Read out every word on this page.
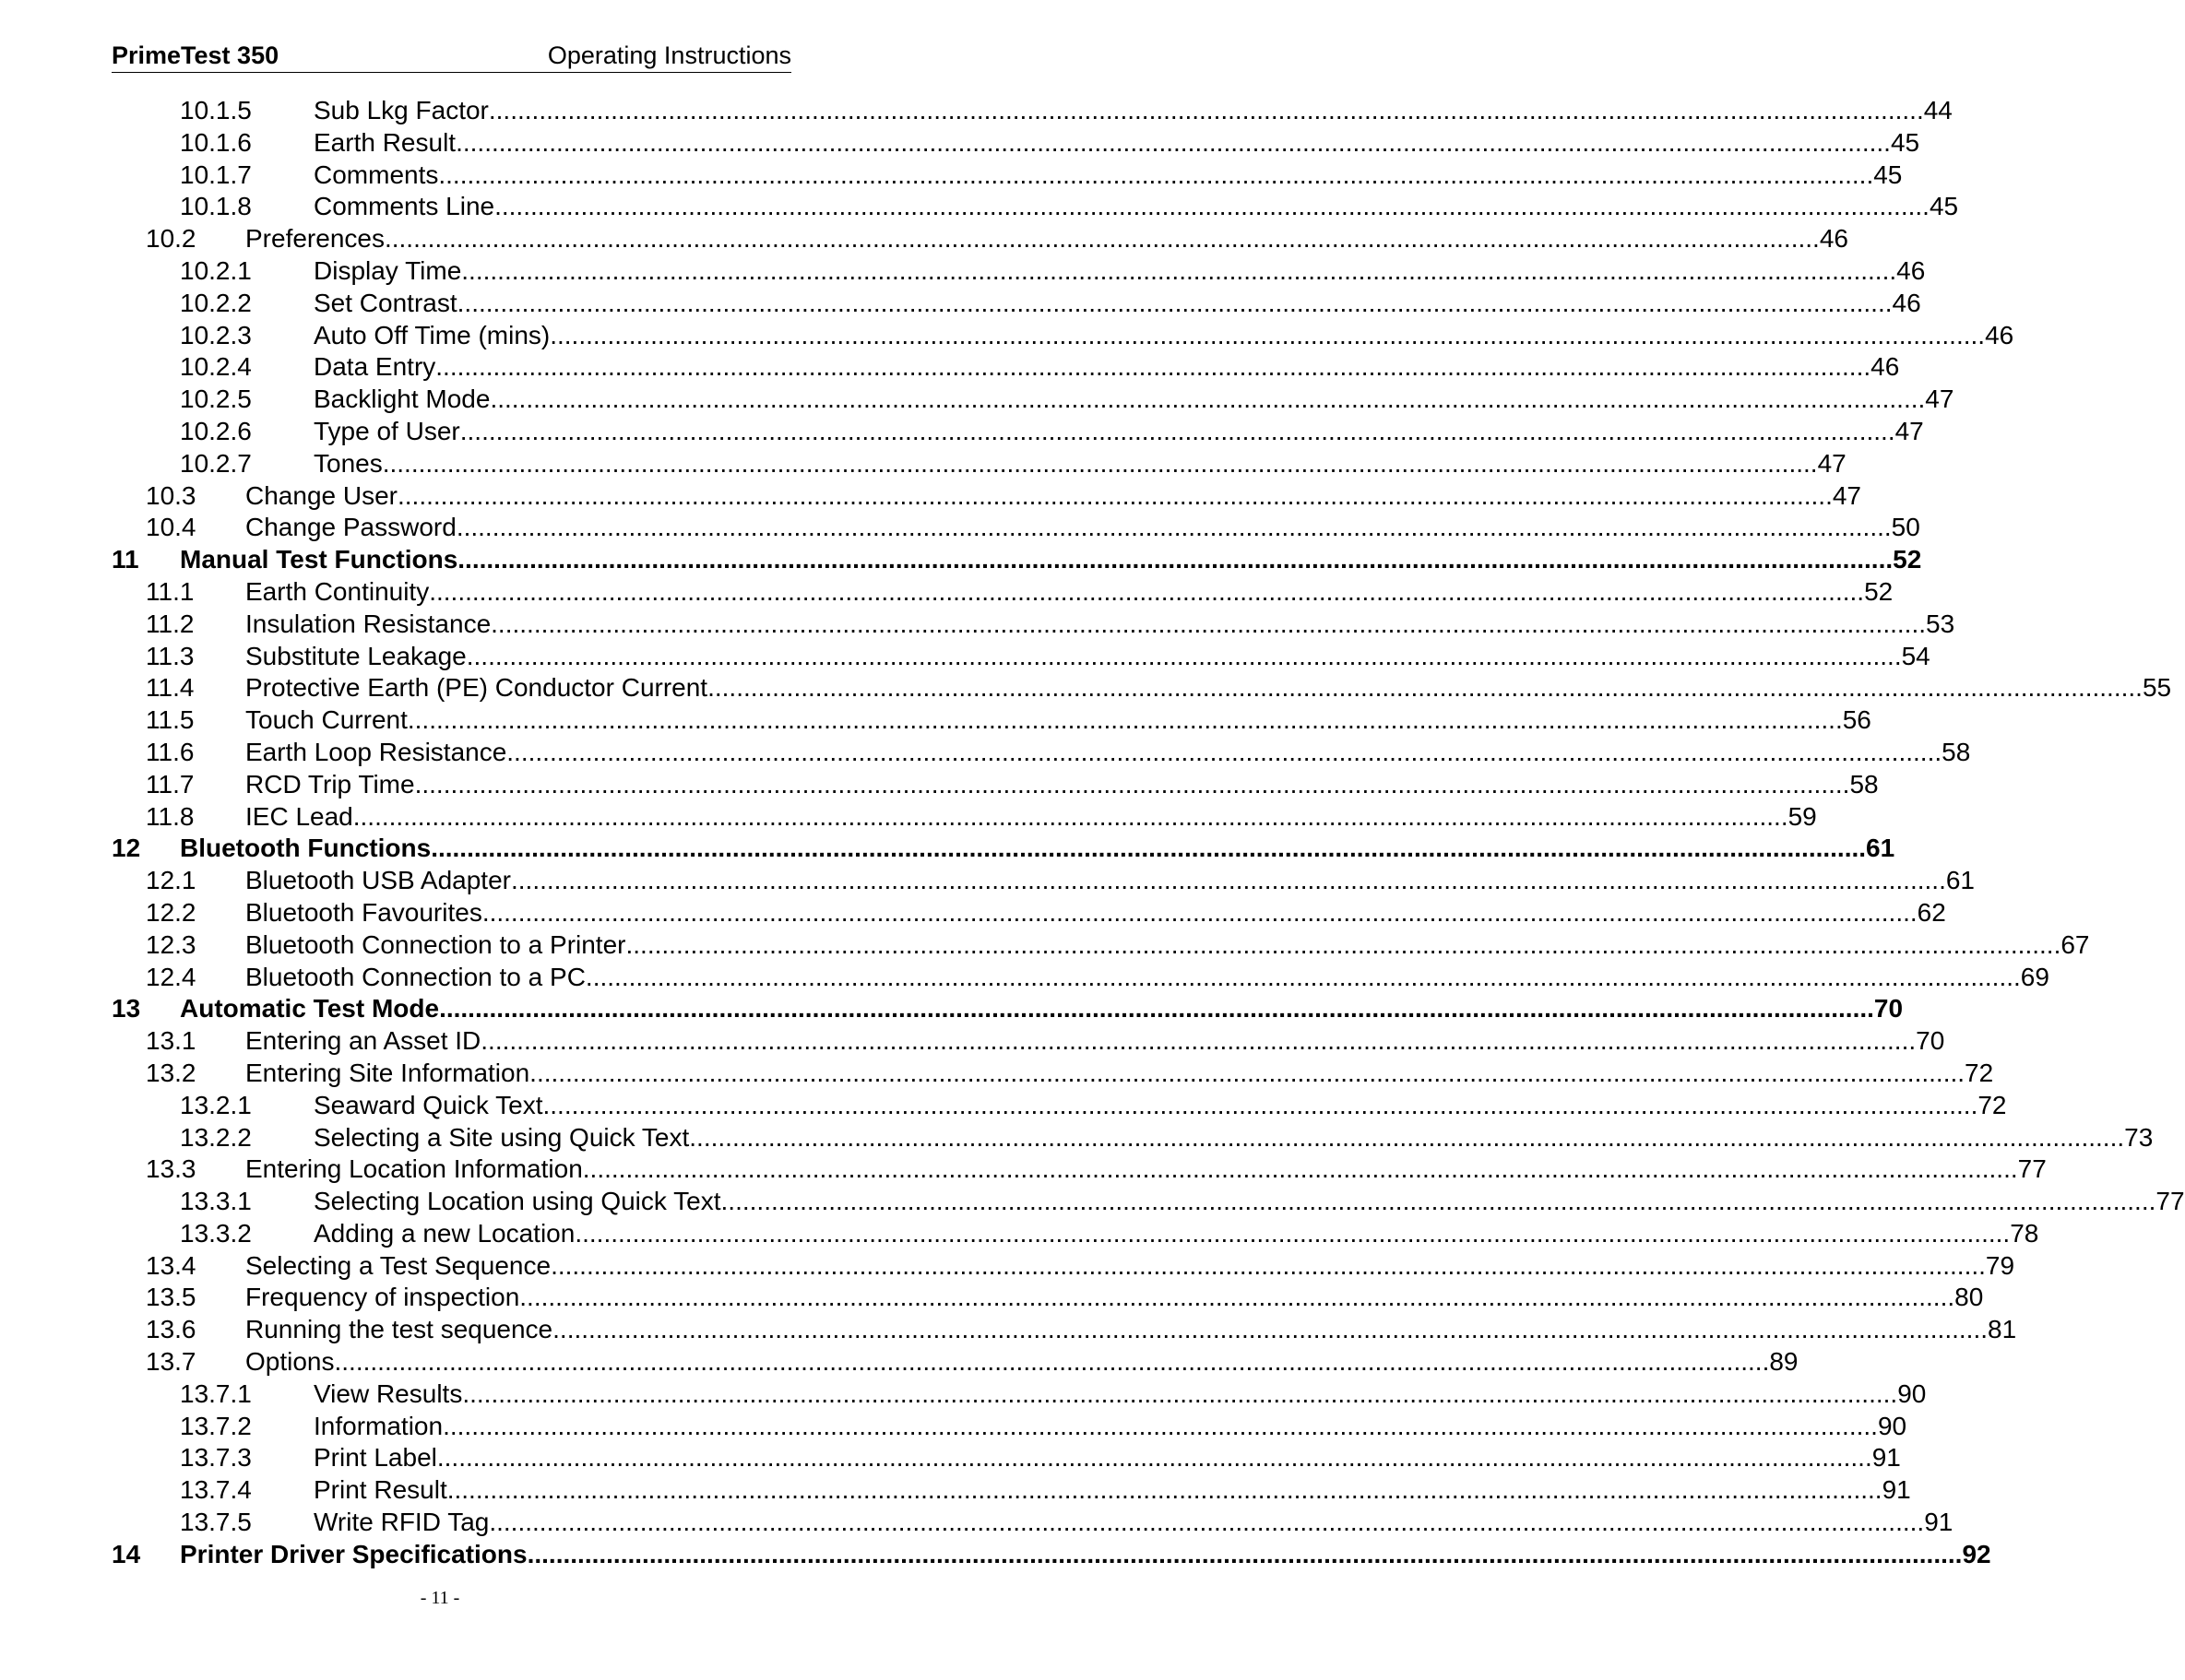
PrimeTest 350	Operating Instructions
10.1.5	Sub Lkg Factor ........................................................................................................................................................................................................ 44
10.1.6	Earth Result ........................................................................................................................................................................................................ 45
10.1.7	Comments ........................................................................................................................................................................................................ 45
10.1.8	Comments Line ........................................................................................................................................................................................................ 45
10.2	Preferences ........................................................................................................................................................................................................ 46
10.2.1	Display Time ........................................................................................................................................................................................................ 46
10.2.2	Set Contrast ........................................................................................................................................................................................................ 46
10.2.3	Auto Off Time (mins) ........................................................................................................................................................................................................ 46
10.2.4	Data Entry ........................................................................................................................................................................................................ 46
10.2.5	Backlight Mode ........................................................................................................................................................................................................ 47
10.2.6	Type of User ........................................................................................................................................................................................................ 47
10.2.7	Tones ........................................................................................................................................................................................................ 47
10.3	Change User ........................................................................................................................................................................................................ 47
10.4	Change Password ........................................................................................................................................................................................................ 50
11	Manual Test Functions ........................................................................................................................................................................................................ 52
11.1	Earth Continuity ........................................................................................................................................................................................................ 52
11.2	Insulation Resistance ........................................................................................................................................................................................................ 53
11.3	Substitute Leakage ........................................................................................................................................................................................................ 54
11.4	Protective Earth (PE) Conductor Current ........................................................................................................................................................................................................ 55
11.5	Touch Current ........................................................................................................................................................................................................ 56
11.6	Earth Loop Resistance ........................................................................................................................................................................................................ 58
11.7	RCD Trip Time ........................................................................................................................................................................................................ 58
11.8	IEC Lead ........................................................................................................................................................................................................ 59
12	Bluetooth Functions ........................................................................................................................................................................................................ 61
12.1	Bluetooth USB Adapter ........................................................................................................................................................................................................ 61
12.2	Bluetooth Favourites ........................................................................................................................................................................................................ 62
12.3	Bluetooth Connection to a Printer ........................................................................................................................................................................................................ 67
12.4	Bluetooth Connection to a PC ........................................................................................................................................................................................................ 69
13	Automatic Test Mode ........................................................................................................................................................................................................ 70
13.1	Entering an Asset ID ........................................................................................................................................................................................................ 70
13.2	Entering Site Information ........................................................................................................................................................................................................ 72
13.2.1	Seaward Quick Text ........................................................................................................................................................................................................ 72
13.2.2	Selecting a Site using Quick Text ........................................................................................................................................................................................................ 73
13.3	Entering Location Information ........................................................................................................................................................................................................ 77
13.3.1	Selecting Location using Quick Text ........................................................................................................................................................................................................ 77
13.3.2	Adding a new Location ........................................................................................................................................................................................................ 78
13.4	Selecting a Test Sequence ........................................................................................................................................................................................................ 79
13.5	Frequency of inspection ........................................................................................................................................................................................................ 80
13.6	Running the test sequence ........................................................................................................................................................................................................ 81
13.7	Options ........................................................................................................................................................................................................ 89
13.7.1	View Results ........................................................................................................................................................................................................ 90
13.7.2	Information ........................................................................................................................................................................................................ 90
13.7.3	Print Label ........................................................................................................................................................................................................ 91
13.7.4	Print Result ........................................................................................................................................................................................................ 91
13.7.5	Write RFID Tag ........................................................................................................................................................................................................ 91
14	Printer Driver Specifications ........................................................................................................................................................................................................ 92
- 11 -
